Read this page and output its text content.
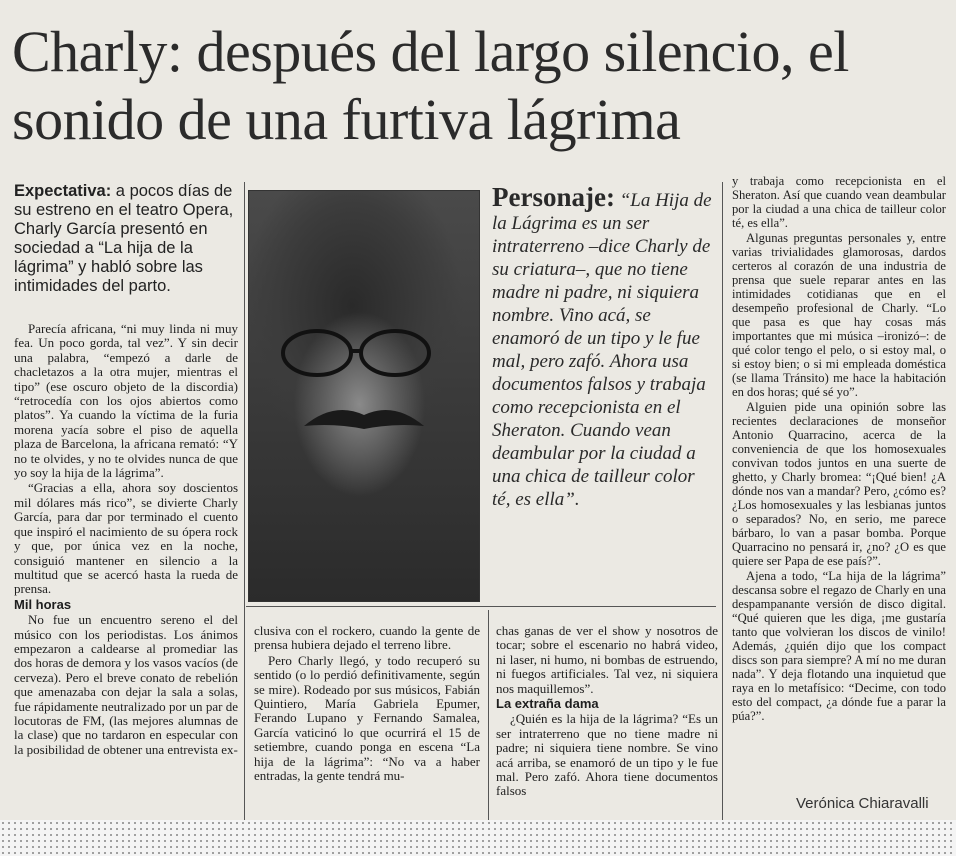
Charly: después del largo silencio, el sonido de una furtiva lágrima
Expectativa: a pocos días de su estreno en el teatro Opera, Charly García presentó en sociedad a “La hija de la lágrima” y habló sobre las intimidades del parto.

Parecía africana, “ni muy linda ni muy fea. Un poco gorda, tal vez”. Y sin decir una palabra, “empezó a darle de chacletazos a la otra mujer, mientras el tipo” (ese oscuro objeto de la discordia) “retrocedía con los ojos abiertos como platos”. Ya cuando la víctima de la furia morena yacía sobre el piso de aquella plaza de Barcelona, la africana remató: “Y no te olvides, y no te olvides nunca de que yo soy la hija de la lágrima”.

“Gracias a ella, ahora soy doscientos mil dólares más rico”, se divierte Charly García, para dar por terminado el cuento que inspiró el nacimiento de su ópera rock y que, por única vez en la noche, consiguió mantener en silencio a la multitud que se acercó hasta la rueda de prensa.

Mil horas

No fue un encuentro sereno el del músico con los periodistas. Los ánimos empezaron a caldearse al promediar las dos horas de demora y los vasos vacíos (de cerveza). Pero el breve conato de rebelión que amenazaba con dejar la sala a solas, fue rápidamente neutralizado por un par de locutoras de FM, (las mejores alumnas de la clase) que no tardaron en especular con la posibilidad de obtener una entrevista ex-

Personaje: “La Hija de la Lágrima es un ser intraterreno –dice Charly de su criatura–, que no tiene madre ni padre, ni siquiera nombre. Vino acá, se enamoró de un tipo y le fue mal, pero zafó. Ahora usa documentos falsos y trabaja como recepcionista en el Sheraton. Cuando vean deambular por la ciudad a una chica de tailleur color té, es ella”.

clusiva con el rockero, cuando la gente de prensa hubiera dejado el terreno libre.

Pero Charly llegó, y todo recuperó su sentido (o lo perdió definitivamente, según se mire). Rodeado por sus músicos, Fabián Quintiero, María Gabriela Epumer, Ferando Lupano y Fernando Samalea, García vaticinó lo que ocurrirá el 15 de setiembre, cuando ponga en escena “La hija de la lágrima”: “No va a haber entradas, la gente tendrá mu-

chas ganas de ver el show y nosotros de tocar; sobre el escenario no habrá video, ni laser, ni humo, ni bombas de estruendo, ni fuegos artificiales. Tal vez, ni siquiera nos maquillemos”.

La extraña dama

¿Quién es la hija de la lágrima? “Es un ser intraterreno que no tiene madre ni padre; ni siquiera tiene nombre. Se vino acá arriba, se enamoró de un tipo y le fue mal. Pero zafó. Ahora tiene documentos falsos

y trabaja como recepcionista en el Sheraton. Así que cuando vean deambular por la ciudad a una chica de tailleur color té, es ella”.

Algunas preguntas personales y, entre varias trivialidades glamorosas, dardos certeros al corazón de una industria de prensa que suele reparar antes en las intimidades cotidianas que en el desempeño profesional de Charly. “Lo que pasa es que hay cosas más importantes que mi música –ironizó–: de qué color tengo el pelo, o si estoy mal, o si estoy bien; o si mi empleada doméstica (se llama Tránsito) me hace la habitación en dos horas; qué sé yo”.

Alguien pide una opinión sobre las recientes declaraciones de monseñor Antonio Quarracino, acerca de la conveniencia de que los homosexuales convivan todos juntos en una suerte de ghetto, y Charly bromea: “¡Qué bien! ¿A dónde nos van a mandar? Pero, ¿cómo es? ¿Los homosexuales y las lesbianas juntos o separados? No, en serio, me parece bárbaro, lo van a pasar bomba. Porque Quarracino no pensará ir, ¿no? ¿O es que quiere ser Papa de ese país?”.

Ajena a todo, “La hija de la lágrima” descansa sobre el regazo de Charly en una despampanante versión de disco digital. “Qué quieren que les diga, ¡me gustaría tanto que volvieran los discos de vinilo! Además, ¿quién dijo que los compact discs son para siempre? A mí no me duran nada”. Y deja flotando una inquietud que raya en lo metafísico: “Decime, con todo esto del compact, ¿a dónde fue a parar la púa?”.

Verónica Chiaravalli
